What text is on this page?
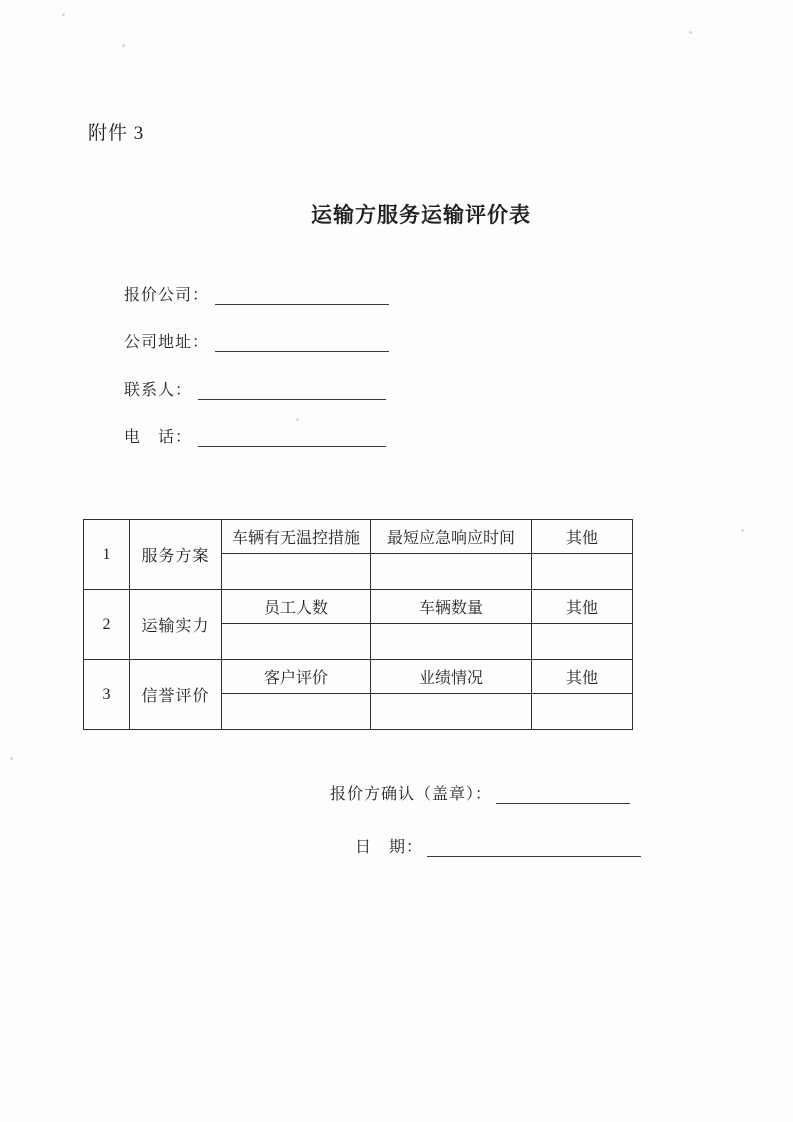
附件 3
运输方服务运输评价表
报价公司：
公司地址：
联系人：
电　话：
1	服务方案	车辆有无温控措施	最短应急响应时间	其他

2	运输实力	员工人数	车辆数量	其他

3	信誉评价	客户评价	业绩情况	其他

报价方确认（盖章）：
日　期：
